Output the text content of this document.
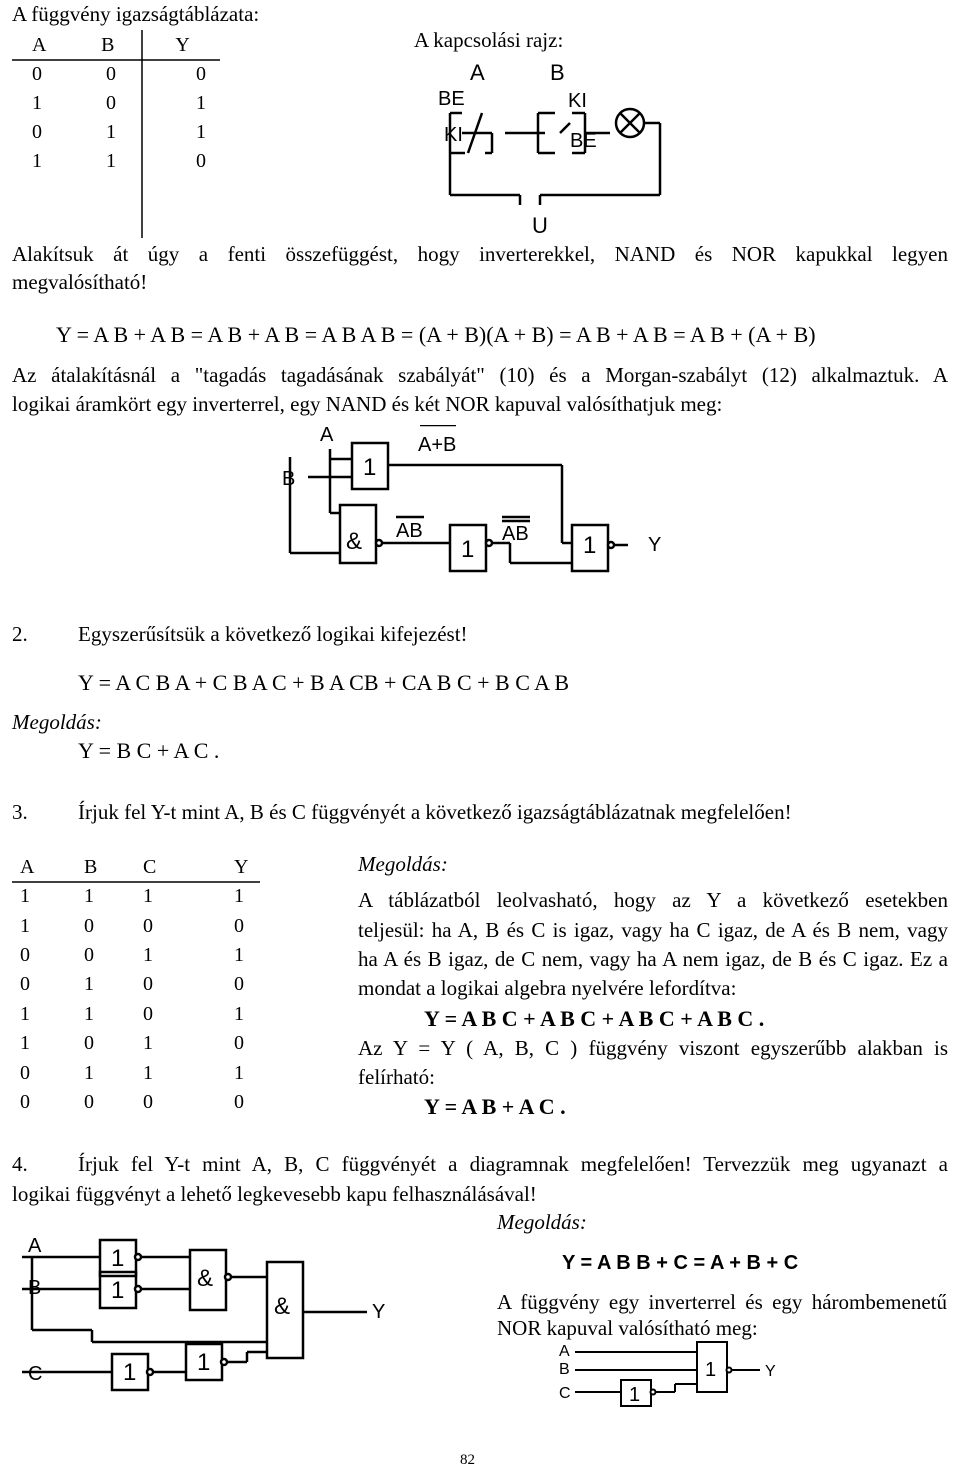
A függvény igazságtáblázata:
A	B	Y
0	0	0
1	0	1
0	1	1
1	1	0
A kapcsolási rajz:
A	B
BE	KI
KI	BE
U
Alakítsuk át úgy a fenti összefüggést, hogy inverterekkel, NAND és NOR kapukkal legyen
megvalósítható!
Y = A B + A B = A B + A B = A B A B = (A + B)(A + B) = A B + A B = A B + (A + B)
Az átalakításnál a "tagadás tagadásának szabályát" (10) és a Morgan-szabályt (12) alkalmaztuk. A
logikai áramkört egy inverterrel, egy NAND és két NOR kapuval valósíthatjuk meg:
A
B	1
A+B
& AB
1
AB 1	Y
2. Egyszerűsítsük a következő logikai kifejezést!
Y = A C B A + C B A C + B A CB + CA B C + B C A B
Megoldás:
Y = B C + A C .
3. Írjuk fel Y-t mint A, B és C függvényét a következő igazságtáblázatnak megfelelően!
A	B	C	Y
1	1	1	1
1	0	0	0
0	0	1	1
0	1	0	0
1	1	0	1
1	0	1	0
0	1	1	1
0	0	0	0
Megoldás:
A táblázatból leolvasható, hogy az Y a következő esetekben
teljesül: ha A, B és C is igaz, vagy ha C igaz, de A és B nem, vagy
ha A és B igaz, de C nem, vagy ha A nem igaz, de B és C igaz. Ez a
mondat a logikai algebra nyelvére lefordítva:
Y = A B C + A B C + A B C + A B C .
Az Y = Y ( A, B, C ) függvény viszont egyszerűbb alakban is
felírható:
Y = A B + A C .
4. Írjuk fel Y-t mint A, B, C függvényét a diagramnak megfelelően! Tervezzük meg ugyanazt a
logikai függvényt a lehető legkevesebb kapu felhasználásával!
Megoldás:
A
B
C
1
1	&
&
1	1
Y
Y = A B B + C = A + B + C
A függvény egy inverterrel és egy hárombemenetű
NOR kapuval valósítható meg:
A
B
C
1
1
Y
82
